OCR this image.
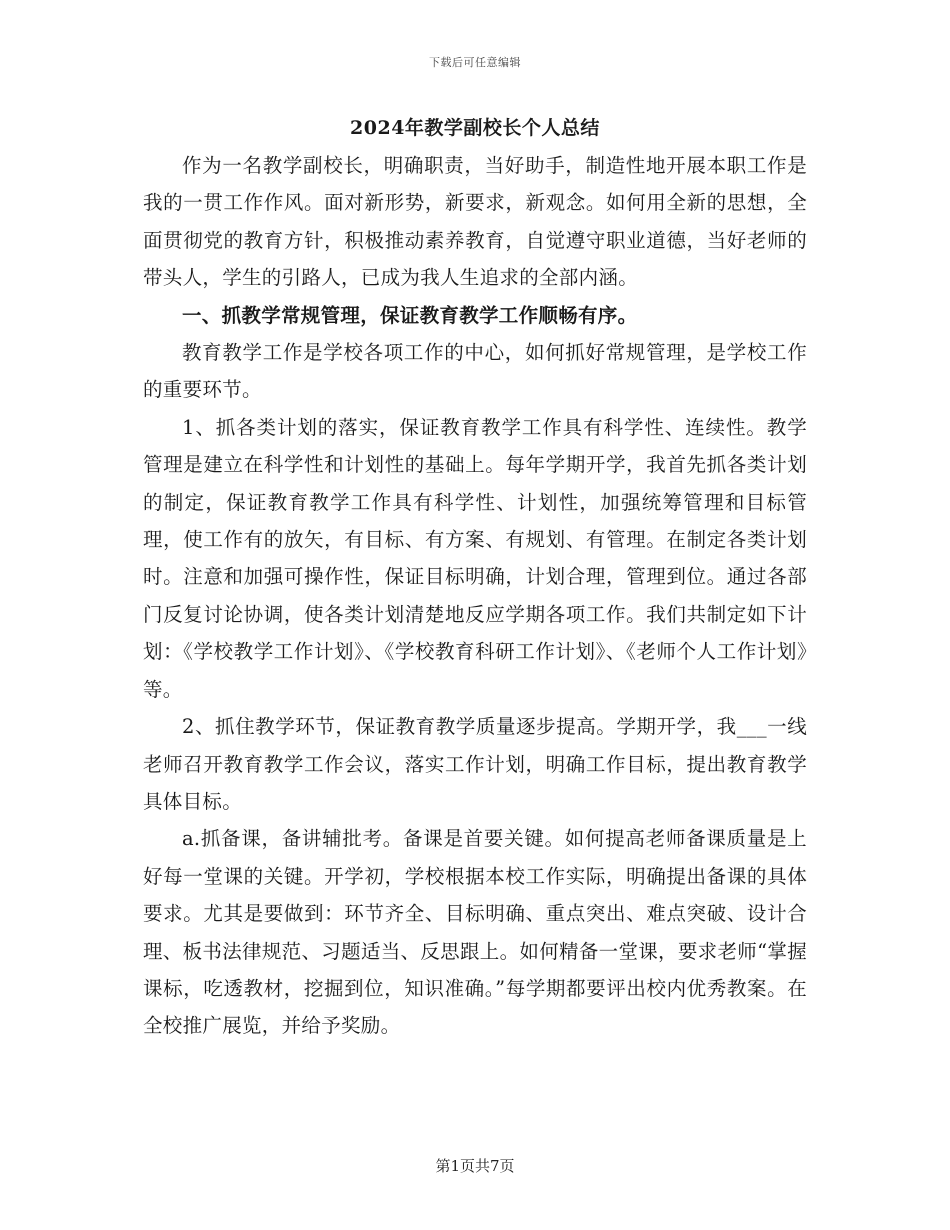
下载后可任意编辑
2024年教学副校长个人总结

作为一名教学副校长，明确职责，当好助手，制造性地开展本职工作是我的一贯工作作风。面对新形势，新要求，新观念。如何用全新的思想，全面贯彻党的教育方针，积极推动素养教育，自觉遵守职业道德，当好老师的带头人，学生的引路人，已成为我人生追求的全部内涵。

一、抓教学常规管理，保证教育教学工作顺畅有序。

教育教学工作是学校各项工作的中心，如何抓好常规管理，是学校工作的重要环节。

1、抓各类计划的落实，保证教育教学工作具有科学性、连续性。教学管理是建立在科学性和计划性的基础上。每年学期开学，我首先抓各类计划的制定，保证教育教学工作具有科学性、计划性，加强统筹管理和目标管理，使工作有的放矢，有目标、有方案、有规划、有管理。在制定各类计划时。注意和加强可操作性，保证目标明确，计划合理，管理到位。通过各部门反复讨论协调，使各类计划清楚地反应学期各项工作。我们共制定如下计划：《学校教学工作计划》、《学校教育科研工作计划》、《老师个人工作计划》等。

2、抓住教学环节，保证教育教学质量逐步提高。学期开学，我___一线老师召开教育教学工作会议，落实工作计划，明确工作目标，提出教育教学具体目标。

a.抓备课，备讲辅批考。备课是首要关键。如何提高老师备课质量是上好每一堂课的关键。开学初，学校根据本校工作实际，明确提出备课的具体要求。尤其是要做到：环节齐全、目标明确、重点突出、难点突破、设计合理、板书法律规范、习题适当、反思跟上。如何精备一堂课，要求老师“掌握课标，吃透教材，挖掘到位，知识准确。”每学期都要评出校内优秀教案。在全校推广展览，并给予奖励。

第1页共7页
